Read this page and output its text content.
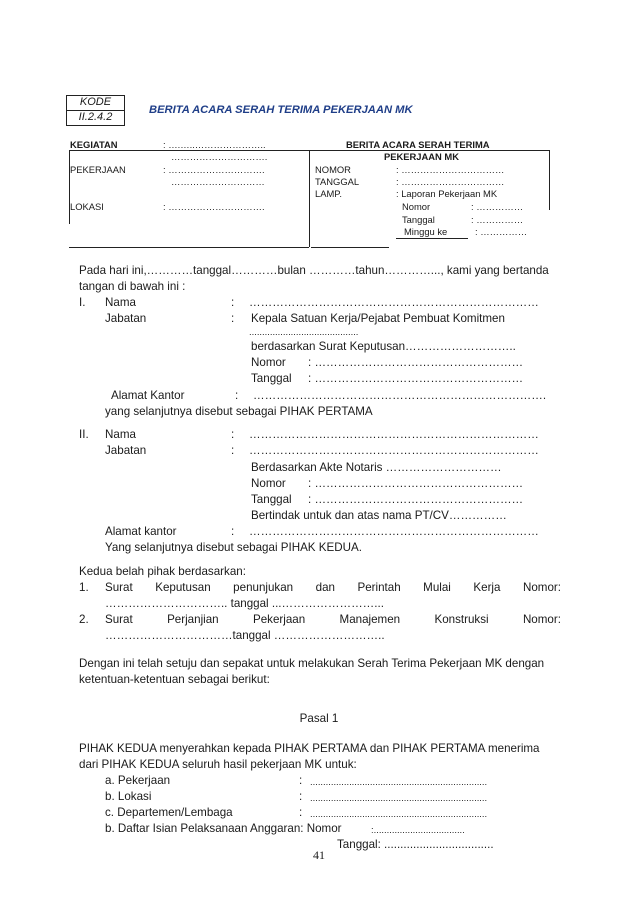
KODE
II.2.4.2
BERITA ACARA SERAH TERIMA PEKERJAAN MK
KEGIATAN	: ….…..…………………..
………………………….
PEKERJAAN	: ………………………….
…………………………
LOKASI	: ………………………….
BERITA ACARA SERAH TERIMA
PEKERJAAN MK
NOMOR	: ……………………………
TANGGAL	: ……………………………
LAMP.	: Laporan Pekerjaan MK
Nomor	: ……………
Tanggal	: ……………
Minggu ke	: ……………
Pada hari ini,…………tanggal…………bulan …………tahun…………..., kami yang bertanda
tangan di bawah ini :
I. Nama	: …………………………………………………………………
Jabatan	: Kepala Satuan Kerja/Pejabat Pembuat Komitmen
..........................................
berdasarkan Surat Keputusan………………………..
Nomor : ………………………………………………
Tanggal : ………………………………………………
Alamat Kantor	: ………………………………………………………………….
yang selanjutnya disebut sebagai PIHAK PERTAMA
II. Nama	: …………………………………………………………………
Jabatan	: …………………………………………………………………
Berdasarkan Akte Notaris …………………………
Nomor : ………………………………………………
Tanggal : ………………………………………………
Bertindak untuk dan atas nama PT/CV……………
Alamat kantor	: …………………………………………………………………
Yang selanjutnya disebut sebagai PIHAK KEDUA.
Kedua belah pihak berdasarkan:
1. Surat Keputusan penunjukan dan Perintah Mulai Kerja Nomor:
………………………….. tanggal ...……………………...
2. Surat	Perjanjian	Pekerjaan	Manajemen	Konstruksi	Nomor:
……………………………tanggal ………………………..
Dengan ini telah setuju dan sepakat untuk melakukan Serah Terima Pekerjaan MK dengan
ketentuan-ketentuan sebagai berikut:
Pasal 1
PIHAK KEDUA menyerahkan kepada PIHAK PERTAMA dan PIHAK PERTAMA menerima
dari PIHAK KEDUA seluruh hasil pekerjaan MK untuk:
a. Pekerjaan	: ....................................................................
b. Lokasi	: ....................................................................
c. Departemen/Lembaga	: ....................................................................
b. Daftar Isian Pelaksanaan Anggaran: Nomor	:...................................
Tanggal: ..................................
41
